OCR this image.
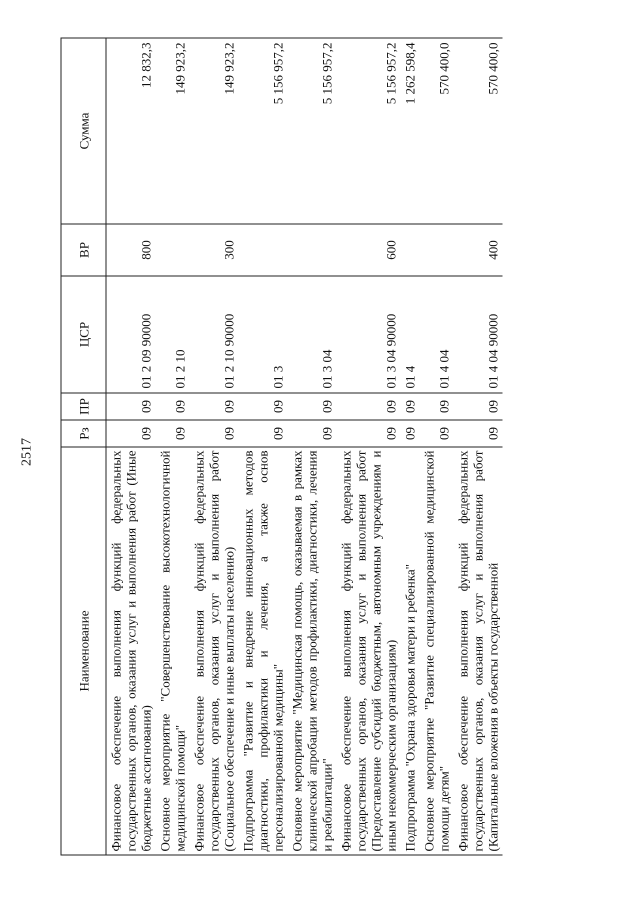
2517
Наименование	Рз	ПР	ЦСР	ВР	Сумма
Финансовое обеспечение выполнения функций федеральных государственных органов, оказания услуг и выполнения работ (Иные бюджетные ассигнования)	09	09	01 2 09 90000	800	12 832,3
Основное мероприятие "Совершенствование высокотехнологичной медицинской помощи"	09	09	01 2 10		149 923,2
Финансовое обеспечение выполнения функций федеральных государственных органов, оказания услуг и выполнения работ (Социальное обеспечение и иные выплаты населению)	09	09	01 2 10 90000	300	149 923,2
Подпрограмма "Развитие и внедрение инновационных методов диагностики, профилактики и лечения, а также основ персонализированной медицины"	09	09	01 3		5 156 957,2
Основное мероприятие "Медицинская помощь, оказываемая в рамках клинической апробации методов профилактики, диагностики, лечения и реабилитации"	09	09	01 3 04		5 156 957,2
Финансовое обеспечение выполнения функций федеральных государственных органов, оказания услуг и выполнения работ (Предоставление субсидий бюджетным, автономным учреждениям и иным некоммерческим организациям)	09	09	01 3 04 90000	600	5 156 957,2
Подпрограмма "Охрана здоровья матери и ребенка"	09	09	01 4		1 262 598,4
Основное мероприятие "Развитие специализированной медицинской помощи детям"	09	09	01 4 04		570 400,0
Финансовое обеспечение выполнения функций федеральных государственных органов, оказания услуг и выполнения работ (Капитальные вложения в объекты государственной	09	09	01 4 04 90000	400	570 400,0
